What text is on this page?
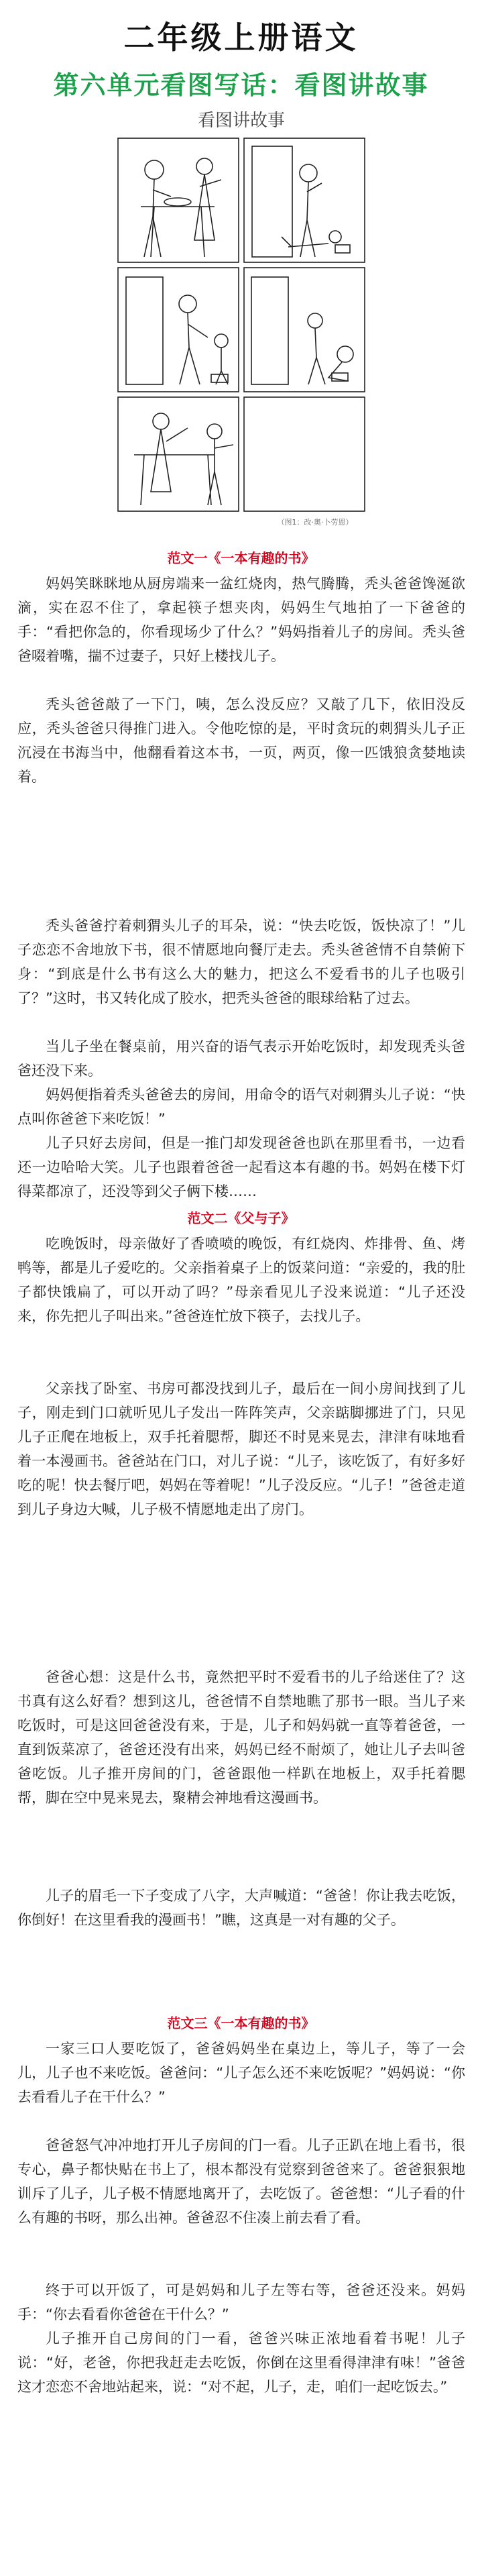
二年级上册语文
第六单元看图写话：看图讲故事
看图讲故事
（图1：改·奥·卜劳恩）
范文一《一本有趣的书》

妈妈笑眯眯地从厨房端来一盆红烧肉，热气腾腾，秃头爸爸馋涎欲滴，实在忍不住了，拿起筷子想夹肉，妈妈生气地拍了一下爸爸的手：“看把你急的，你看现场少了什么？”妈妈指着儿子的房间。秃头爸爸啜着嘴，揣不过妻子，只好上楼找儿子。

秃头爸爸敲了一下门，咦，怎么没反应？又敲了几下，依旧没反应，秃头爸爸只得推门进入。令他吃惊的是，平时贪玩的刺猬头儿子正沉浸在书海当中，他翻看着这本书，一页，两页，像一匹饿狼贪婪地读着。

秃头爸爸拧着刺猬头儿子的耳朵，说：“快去吃饭，饭快凉了！”儿子恋恋不舍地放下书，很不情愿地向餐厅走去。秃头爸爸情不自禁俯下身：“到底是什么书有这么大的魅力，把这么不爱看书的儿子也吸引了？”这时，书又转化成了胶水，把秃头爸爸的眼球给粘了过去。

当儿子坐在餐桌前，用兴奋的语气表示开始吃饭时，却发现秃头爸爸还没下来。

妈妈便指着秃头爸爸去的房间，用命令的语气对刺猬头儿子说：“快点叫你爸爸下来吃饭！”

儿子只好去房间，但是一推门却发现爸爸也趴在那里看书，一边看还一边哈哈大笑。儿子也跟着爸爸一起看这本有趣的书。妈妈在楼下灯得菜都凉了，还没等到父子俩下楼……

范文二《父与子》

吃晚饭时，母亲做好了香喷喷的晚饭，有红烧肉、炸排骨、鱼、烤鸭等，都是儿子爱吃的。父亲指着桌子上的饭菜问道：“亲爱的，我的肚子都快饿扁了，可以开动了吗？”母亲看见儿子没来说道：“儿子还没来，你先把儿子叫出来。”爸爸连忙放下筷子，去找儿子。

父亲找了卧室、书房可都没找到儿子，最后在一间小房间找到了儿子，刚走到门口就听见儿子发出一阵阵笑声，父亲踮脚挪进了门，只见儿子正爬在地板上，双手托着腮帮，脚还不时晃来晃去，津津有味地看着一本漫画书。爸爸站在门口，对儿子说：“儿子，该吃饭了，有好多好吃的呢！快去餐厅吧，妈妈在等着呢！”儿子没反应。“儿子！”爸爸走道到儿子身边大喊，儿子极不情愿地走出了房门。

爸爸心想：这是什么书，竟然把平时不爱看书的儿子给迷住了？这书真有这么好看？想到这儿，爸爸情不自禁地瞧了那书一眼。当儿子来吃饭时，可是这回爸爸没有来，于是，儿子和妈妈就一直等着爸爸，一直到饭菜凉了，爸爸还没有出来，妈妈已经不耐烦了，她让儿子去叫爸爸吃饭。儿子推开房间的门，爸爸跟他一样趴在地板上，双手托着腮帮，脚在空中晃来晃去，聚精会神地看这漫画书。

儿子的眉毛一下子变成了八字，大声喊道：“爸爸！你让我去吃饭，你倒好！在这里看我的漫画书！”瞧，这真是一对有趣的父子。

范文三《一本有趣的书》

一家三口人要吃饭了，爸爸妈妈坐在桌边上，等儿子，等了一会儿，儿子也不来吃饭。爸爸问：“儿子怎么还不来吃饭呢？”妈妈说：“你去看看儿子在干什么？”

爸爸怒气冲冲地打开儿子房间的门一看。儿子正趴在地上看书，很专心，鼻子都快贴在书上了，根本都没有觉察到爸爸来了。爸爸狠狠地训斥了儿子，儿子极不情愿地离开了，去吃饭了。爸爸想：“儿子看的什么有趣的书呀，那么出神。爸爸忍不住凑上前去看了看。

终于可以开饭了，可是妈妈和儿子左等右等，爸爸还没来。妈妈手：“你去看看你爸爸在干什么？”

儿子推开自己房间的门一看，爸爸兴味正浓地看着书呢！儿子说：“好，老爸，你把我赶走去吃饭，你倒在这里看得津津有味！”爸爸这才恋恋不舍地站起来，说：“对不起，儿子，走，咱们一起吃饭去。”
